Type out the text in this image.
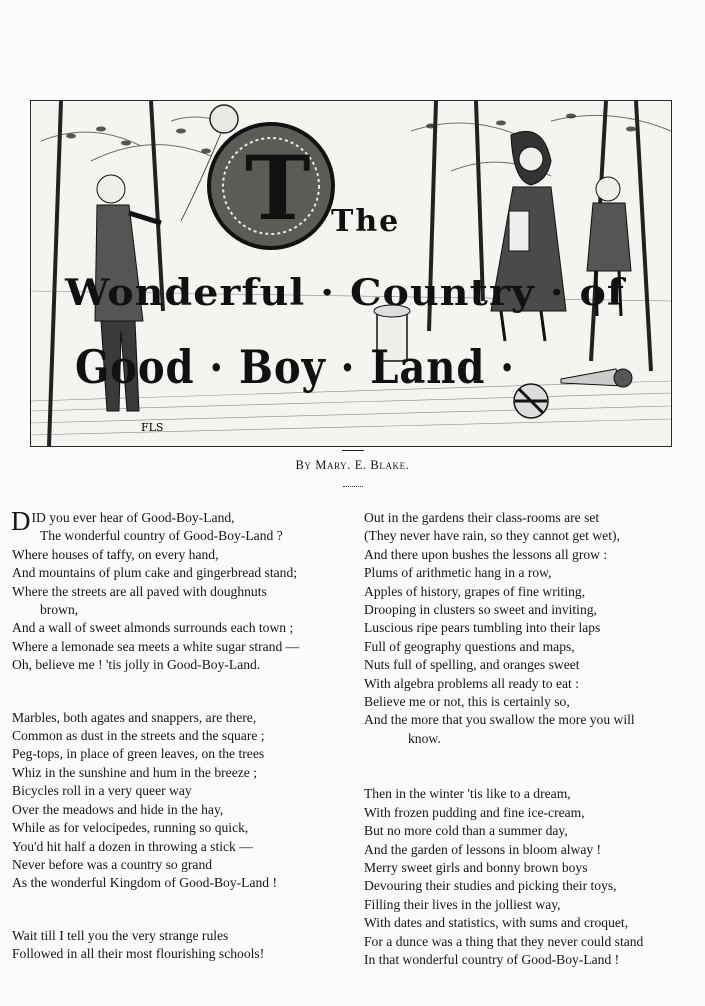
FLS
T The
Wonderful · Country · of
Good · Boy · Land ·
By Mary. E. Blake.
DID you ever hear of Good-Boy-Land,
The wonderful country of Good-Boy-Land ?
Where houses of taffy, on every hand,
And mountains of plum cake and gingerbread stand;
Where the streets are all paved with doughnuts
brown,
And a wall of sweet almonds surrounds each town ;
Where a lemonade sea meets a white sugar strand —
Oh, believe me ! 'tis jolly in Good-Boy-Land.
Marbles, both agates and snappers, are there,
Common as dust in the streets and the square ;
Peg-tops, in place of green leaves, on the trees
Whiz in the sunshine and hum in the breeze ;
Bicycles roll in a very queer way
Over the meadows and hide in the hay,
While as for velocipedes, running so quick,
You'd hit half a dozen in throwing a stick —
Never before was a country so grand
As the wonderful Kingdom of Good-Boy-Land !
Wait till I tell you the very strange rules
Followed in all their most flourishing schools!
Out in the gardens their class-rooms are set
(They never have rain, so they cannot get wet),
And there upon bushes the lessons all grow :
Plums of arithmetic hang in a row,
Apples of history, grapes of fine writing,
Drooping in clusters so sweet and inviting,
Luscious ripe pears tumbling into their laps
Full of geography questions and maps,
Nuts full of spelling, and oranges sweet
With algebra problems all ready to eat :
Believe me or not, this is certainly so,
And the more that you swallow the more you will
know.
Then in the winter 'tis like to a dream,
With frozen pudding and fine ice-cream,
But no more cold than a summer day,
And the garden of lessons in bloom alway !
Merry sweet girls and bonny brown boys
Devouring their studies and picking their toys,
Filling their lives in the jolliest way,
With dates and statistics, with sums and croquet,
For a dunce was a thing that they never could stand
In that wonderful country of Good-Boy-Land !
